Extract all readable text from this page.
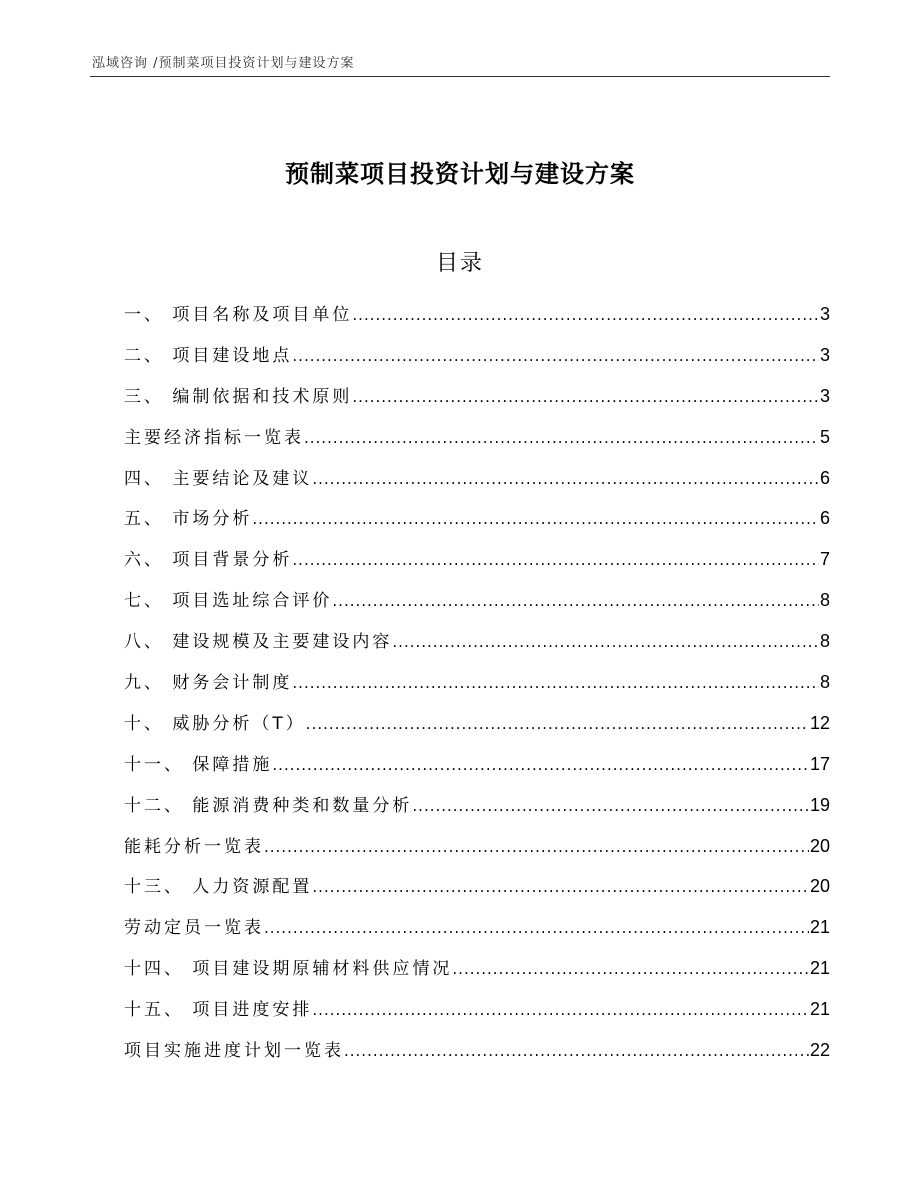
泓域咨询 /预制菜项目投资计划与建设方案
预制菜项目投资计划与建设方案
目录
一、 项目名称及项目单位 .....	3
二、 项目建设地点 .....	3
三、 编制依据和技术原则 .....	3
主要经济指标一览表 .....	5
四、 主要结论及建议 .....	6
五、 市场分析 .....	6
六、 项目背景分析 .....	7
七、 项目选址综合评价 .....	8
八、 建设规模及主要建设内容 .....	8
九、 财务会计制度 .....	8
十、 威胁分析（T） .....	12
十一、 保障措施 .....	17
十二、 能源消费种类和数量分析 .....	19
能耗分析一览表 .....	20
十三、 人力资源配置 .....	20
劳动定员一览表 .....	21
十四、 项目建设期原辅材料供应情况 .....	21
十五、 项目进度安排 .....	21
项目实施进度计划一览表 .....	22
